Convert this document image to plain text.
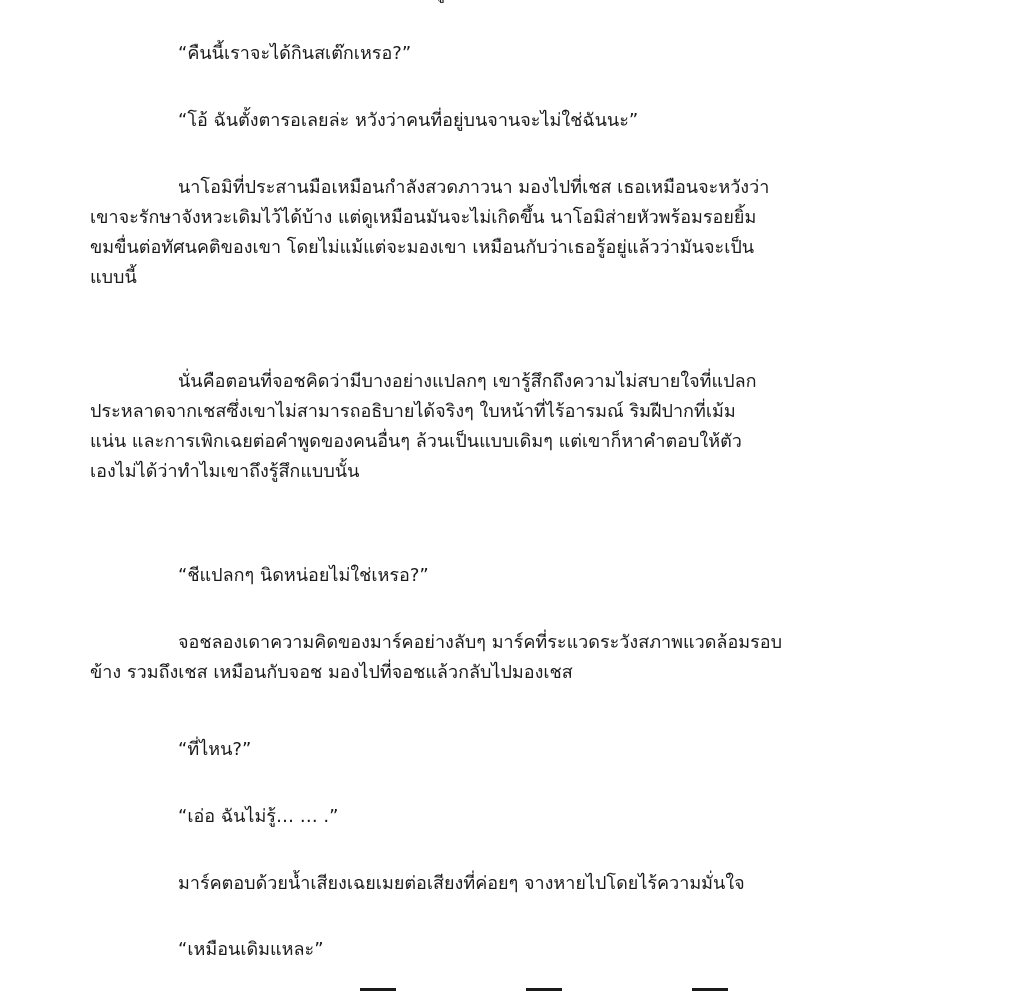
“คืนนี้เราจะได้กินสเต๊กเหรอ?”
“โอ้ ฉันตั้งตารอเลยล่ะ หวังว่าคนที่อยู่บนจานจะไม่ใช่ฉันนะ”
นาโอมิที่ประสานมือเหมือนกำลังสวดภาวนา มองไปที่เชส เธอเหมือนจะหวังว่า
เขาจะรักษาจังหวะเดิมไว้ได้บ้าง แต่ดูเหมือนมันจะไม่เกิดขึ้น นาโอมิส่ายหัวพร้อมรอยยิ้ม
ขมขื่นต่อทัศนคติของเขา โดยไม่แม้แต่จะมองเขา เหมือนกับว่าเธอรู้อยู่แล้วว่ามันจะเป็น
แบบนี้
นั่นคือตอนที่จอชคิดว่ามีบางอย่างแปลกๆ เขารู้สึกถึงความไม่สบายใจที่แปลก
ประหลาดจากเชสซึ่งเขาไม่สามารถอธิบายได้จริงๆ ใบหน้าที่ไร้อารมณ์ ริมฝีปากที่เม้ม
แน่น และการเพิกเฉยต่อคำพูดของคนอื่นๆ ล้วนเป็นแบบเดิมๆ แต่เขาก็หาคำตอบให้ตัว
เองไม่ได้ว่าทำไมเขาถึงรู้สึกแบบนั้น
“ชีแปลกๆ นิดหน่อยไม่ใช่เหรอ?”
จอชลองเดาความคิดของมาร์คอย่างลับๆ มาร์คที่ระแวดระวังสภาพแวดล้อมรอบ
ข้าง รวมถึงเชส เหมือนกับจอช มองไปที่จอชแล้วกลับไปมองเชส
“ที่ไหน?”
“เอ่อ ฉันไม่รู้… … .”
มาร์คตอบด้วยน้ำเสียงเฉยเมยต่อเสียงที่ค่อยๆ จางหายไปโดยไร้ความมั่นใจ
“เหมือนเดิมแหละ”
